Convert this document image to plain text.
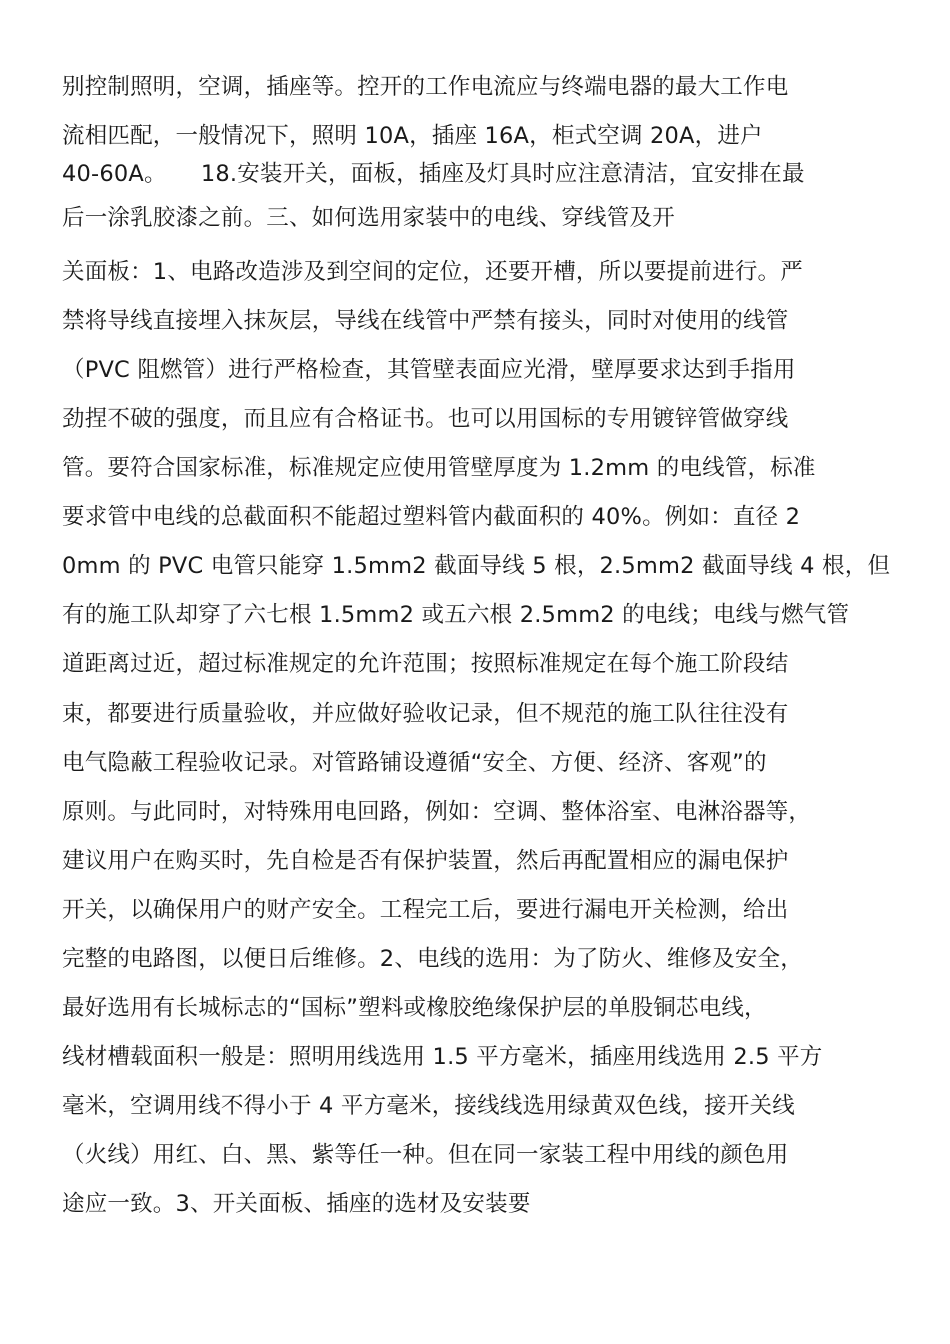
别控制照明，空调，插座等。控开的工作电流应与终端电器的最大工作电
流相匹配，一般情况下，照明 10A，插座 16A，柜式空调 20A，进户
40-60A。　　18.安装开关，面板，插座及灯具时应注意清洁，宜安排在最
后一涂乳胶漆之前。三、如何选用家装中的电线、穿线管及开
关面板：1、电路改造涉及到空间的定位，还要开槽，所以要提前进行。严
禁将导线直接埋入抹灰层，导线在线管中严禁有接头，同时对使用的线管
（PVC 阻燃管）进行严格检查，其管壁表面应光滑，壁厚要求达到手指用
劲捏不破的强度，而且应有合格证书。也可以用国标的专用镀锌管做穿线
管。要符合国家标准，标准规定应使用管壁厚度为 1.2mm 的电线管，标准
要求管中电线的总截面积不能超过塑料管内截面积的 40%。例如：直径 2
0mm 的 PVC 电管只能穿 1.5mm2 截面导线 5 根，2.5mm2 截面导线 4 根，但
有的施工队却穿了六七根 1.5mm2 或五六根 2.5mm2 的电线；电线与燃气管
道距离过近，超过标准规定的允许范围；按照标准规定在每个施工阶段结
束，都要进行质量验收，并应做好验收记录，但不规范的施工队往往没有
电气隐蔽工程验收记录。对管路铺设遵循“安全、方便、经济、客观”的
原则。与此同时，对特殊用电回路，例如：空调、整体浴室、电淋浴器等，
建议用户在购买时，先自检是否有保护装置，然后再配置相应的漏电保护
开关，以确保用户的财产安全。工程完工后，要进行漏电开关检测，给出
完整的电路图，以便日后维修。2、电线的选用：为了防火、维修及安全，
最好选用有长城标志的“国标”塑料或橡胶绝缘保护层的单股铜芯电线，
线材槽载面积一般是：照明用线选用 1.5 平方毫米，插座用线选用 2.5 平方
毫米，空调用线不得小于 4 平方毫米，接线线选用绿黄双色线，接开关线
（火线）用红、白、黑、紫等任一种。但在同一家装工程中用线的颜色用
途应一致。3、开关面板、插座的选材及安装要
